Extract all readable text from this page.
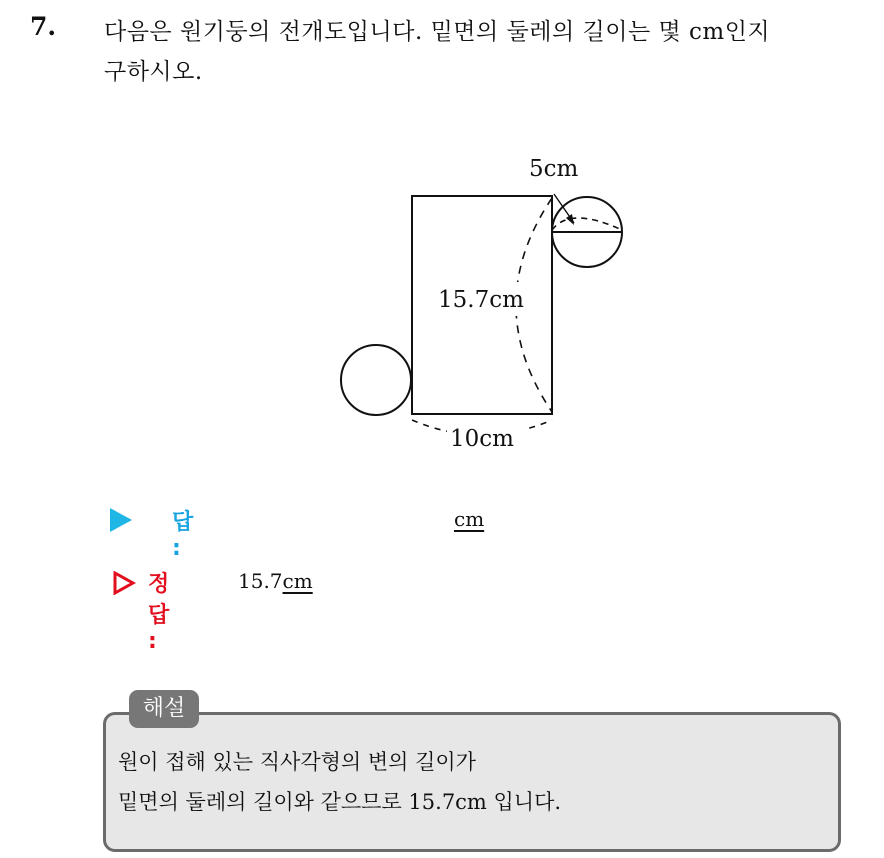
7. 다음은 원기둥의 전개도입니다. 밑면의 둘레의 길이는 몇 cm인지
구하시오.
5cm
15.7cm
10cm
답 :
cm
정답 :
15.7cm
해설
원이 접해 있는 직사각형의 변의 길이가
밑면의 둘레의 길이와 같으므로 15.7cm 입니다.
